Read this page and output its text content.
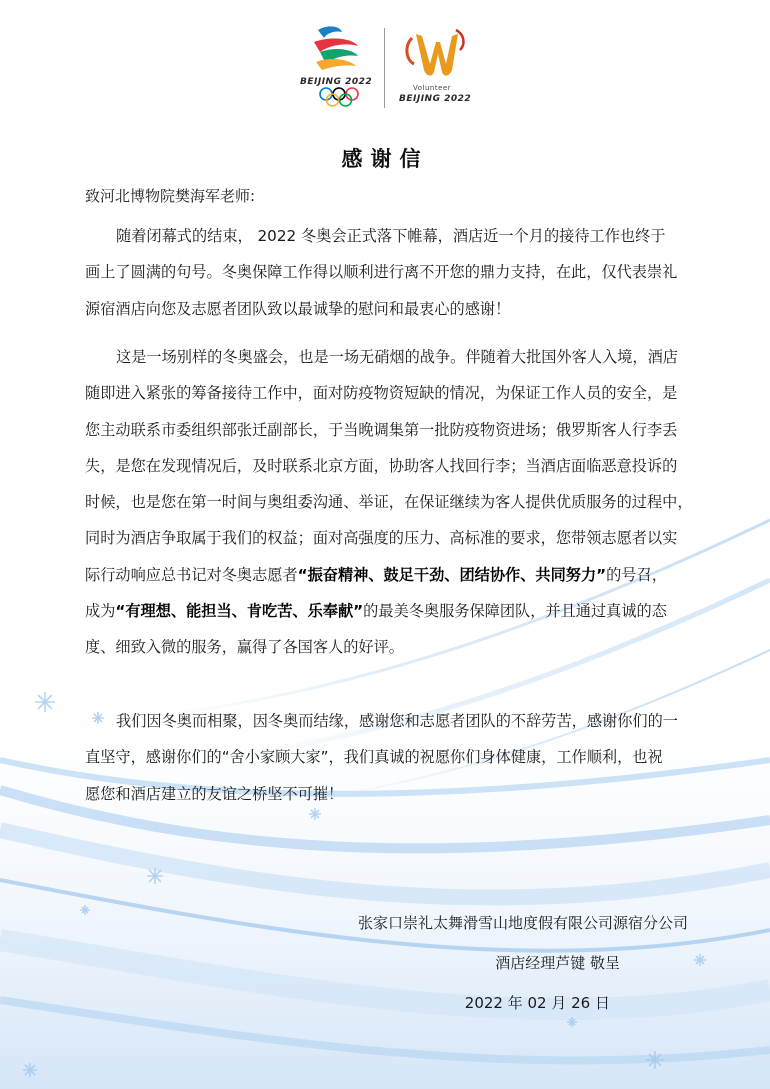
BEIJING 2022
Volunteer
BEIJING 2022
感谢信
致河北博物院樊海军老师:
随着闭幕式的结束， 2022 冬奥会正式落下帷幕，酒店近一个月的接待工作也终于
画上了圆满的句号。冬奥保障工作得以顺利进行离不开您的鼎力支持，在此，仅代表崇礼
源宿酒店向您及志愿者团队致以最诚挚的慰问和最衷心的感谢！
这是一场别样的冬奥盛会，也是一场无硝烟的战争。伴随着大批国外客人入境，酒店
随即进入紧张的筹备接待工作中，面对防疫物资短缺的情况，为保证工作人员的安全，是
您主动联系市委组织部张迁副部长，于当晚调集第一批防疫物资进场；俄罗斯客人行李丢
失，是您在发现情况后，及时联系北京方面，协助客人找回行李；当酒店面临恶意投诉的
时候，也是您在第一时间与奥组委沟通、举证，在保证继续为客人提供优质服务的过程中，
同时为酒店争取属于我们的权益；面对高强度的压力、高标准的要求，您带领志愿者以实
际行动响应总书记对冬奥志愿者“振奋精神、鼓足干劲、团结协作、共同努力”的号召，
成为“有理想、能担当、肯吃苦、乐奉献”的最美冬奥服务保障团队，并且通过真诚的态
度、细致入微的服务，赢得了各国客人的好评。
我们因冬奥而相聚，因冬奥而结缘，感谢您和志愿者团队的不辞劳苦，感谢你们的一
直坚守，感谢你们的“舍小家顾大家”，我们真诚的祝愿你们身体健康，工作顺利，也祝
愿您和酒店建立的友谊之桥坚不可摧！
张家口崇礼太舞滑雪山地度假有限公司源宿分公司
酒店经理芦键 敬呈
2022 年 02 月 26 日
